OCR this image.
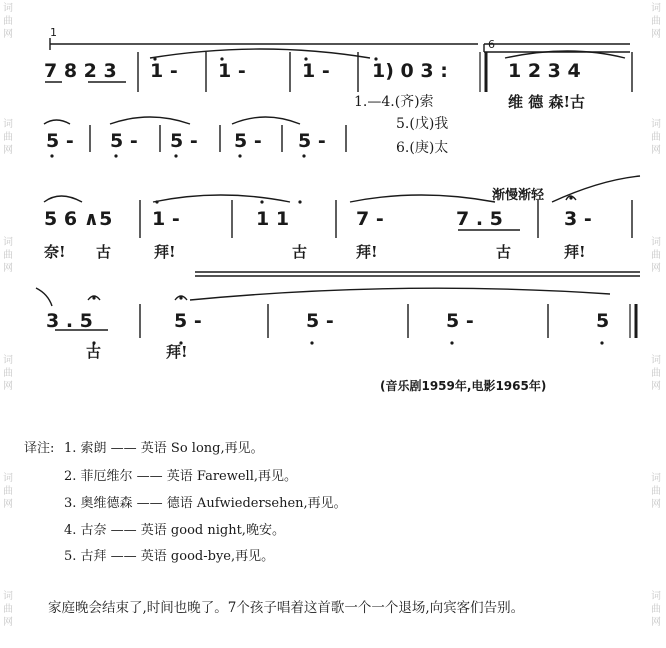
词
曲
网
词
曲
网
词
曲
网
词
曲
网
词
曲
网
词
曲
网
词
曲
网
词
曲
网
词
曲
网
词
曲
网
词
曲
网
词
曲
网
1
6
7 8 2 3 1 - 1 -	1 - 1) 0 3 :	1 2 3 4
1.—4.(齐)索
5.(戊)我
6.(庚)太
维 德 森!古
5 - 5 - 5 - 5 - 5 -
渐慢渐轻
5 6 ∧5 1 -	1 1	7 -	7 . 5	3 -
奈! 古	拜!	古	拜!	古	拜!
3 . 5	5 -	5 -	5 -	5
古	拜!
(音乐剧1959年,电影1965年)
译注: 1. 索朗 —— 英语 So long,再见。
2. 菲厄维尔 —— 英语 Farewell,再见。
3. 奥维德森 —— 德语 Aufwiedersehen,再见。
4. 古奈 —— 英语 good night,晚安。
5. 古拜 —— 英语 good-bye,再见。
家庭晚会结束了,时间也晚了。7个孩子唱着这首歌一个一个退场,向宾客们告别。
